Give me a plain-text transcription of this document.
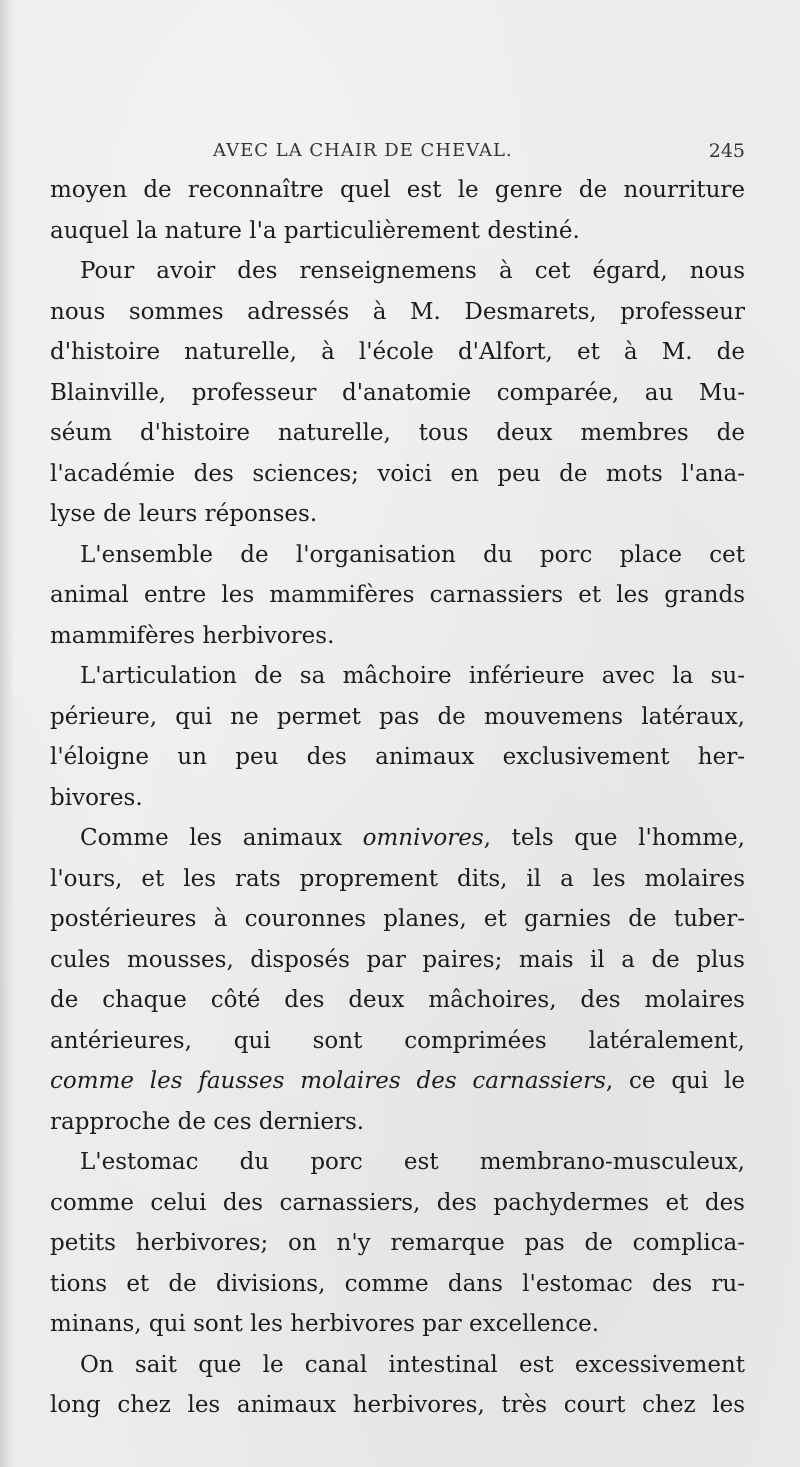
AVEC LA CHAIR DE CHEVAL.	245
moyen de reconnaître quel est le genre de nourriture
auquel la nature l'a particulièrement destiné.
Pour avoir des renseignemens à cet égard, nous
nous sommes adressés à M. Desmarets, professeur
d'histoire naturelle, à l'école d'Alfort, et à M. de
Blainville, professeur d'anatomie comparée, au Mu-
séum d'histoire naturelle, tous deux membres de
l'académie des sciences; voici en peu de mots l'ana-
lyse de leurs réponses.
L'ensemble de l'organisation du porc place cet
animal entre les mammifères carnassiers et les grands
mammifères herbivores.
L'articulation de sa mâchoire inférieure avec la su-
périeure, qui ne permet pas de mouvemens latéraux,
l'éloigne un peu des animaux exclusivement her-
bivores.
Comme les animaux omnivores, tels que l'homme,
l'ours, et les rats proprement dits, il a les molaires
postérieures à couronnes planes, et garnies de tuber-
cules mousses, disposés par paires; mais il a de plus
de chaque côté des deux mâchoires, des molaires
antérieures, qui sont comprimées latéralement,
comme les fausses molaires des carnassiers, ce qui le
rapproche de ces derniers.
L'estomac du porc est membrano-musculeux,
comme celui des carnassiers, des pachydermes et des
petits herbivores; on n'y remarque pas de complica-
tions et de divisions, comme dans l'estomac des ru-
minans, qui sont les herbivores par excellence.
On sait que le canal intestinal est excessivement
long chez les animaux herbivores, très court chez les
